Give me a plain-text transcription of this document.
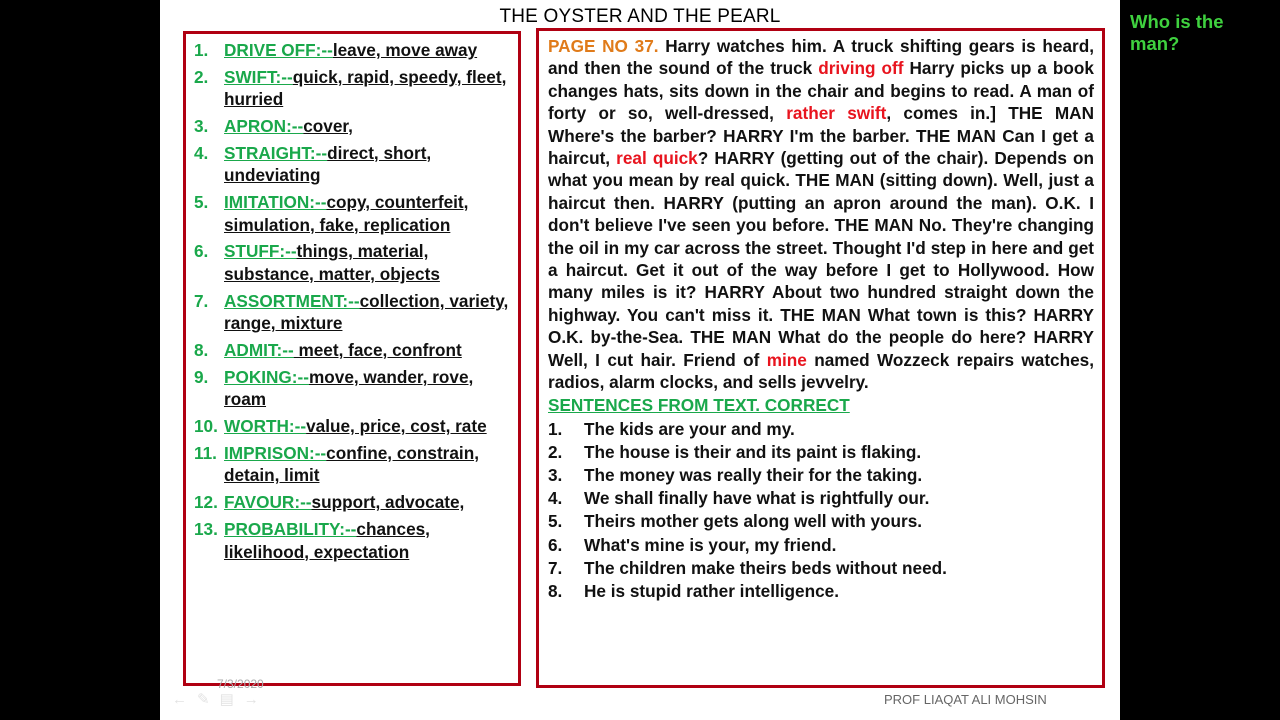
THE OYSTER AND THE PEARL
1. DRIVE OFF:--leave, move away
2. SWIFT:--quick, rapid, speedy, fleet, hurried
3. APRON:--cover,
4. STRAIGHT:--direct, short, undeviating
5. IMITATION:--copy, counterfeit, simulation, fake, replication
6. STUFF:--things, material, substance, matter, objects
7. ASSORTMENT:--collection, variety, range, mixture
8. ADMIT:-- meet, face, confront
9. POKING:--move, wander, rove, roam
10. WORTH:--value, price, cost, rate
11. IMPRISON:--confine, constrain, detain, limit
12. FAVOUR:--support, advocate,
13. PROBABILITY:--chances, likelihood, expectation

PAGE NO 37. Harry watches him. A truck shifting gears is heard, and then the sound of the truck driving off Harry picks up a book changes hats, sits down in the chair and begins to read. A man of forty or so, well-dressed, rather swift, comes in.] THE MAN Where's the barber? HARRY I'm the barber. THE MAN Can I get a haircut, real quick? HARRY (getting out of the chair). Depends on what you mean by real quick. THE MAN (sitting down). Well, just a haircut then. HARRY (putting an apron around the man). O.K. I don't believe I've seen you before. THE MAN No. They're changing the oil in my car across the street. Thought I'd step in here and get a haircut. Get it out of the way before I get to Hollywood. How many miles is it? HARRY About two hundred straight down the highway. You can't miss it. THE MAN What town is this? HARRY O.K. by-the-Sea. THE MAN What do the people do here? HARRY Well, I cut hair. Friend of mine named Wozzeck repairs watches, radios, alarm clocks, and sells jevvelry.

SENTENCES FROM TEXT. CORRECT
1.	The kids are your and my.
2.	The house is their and its paint is flaking.
3.	The money was really their for the taking.
4.	We shall finally have what is rightfully our.
5.	Theirs mother gets along well with yours.
6.	What's mine is your, my friend.
7.	The children make theirs beds without need.
8.	He is stupid rather intelligence.
7/3/2020
PROF LIAQAT ALI MOHSIN
←✎▤→
Who is the man?
